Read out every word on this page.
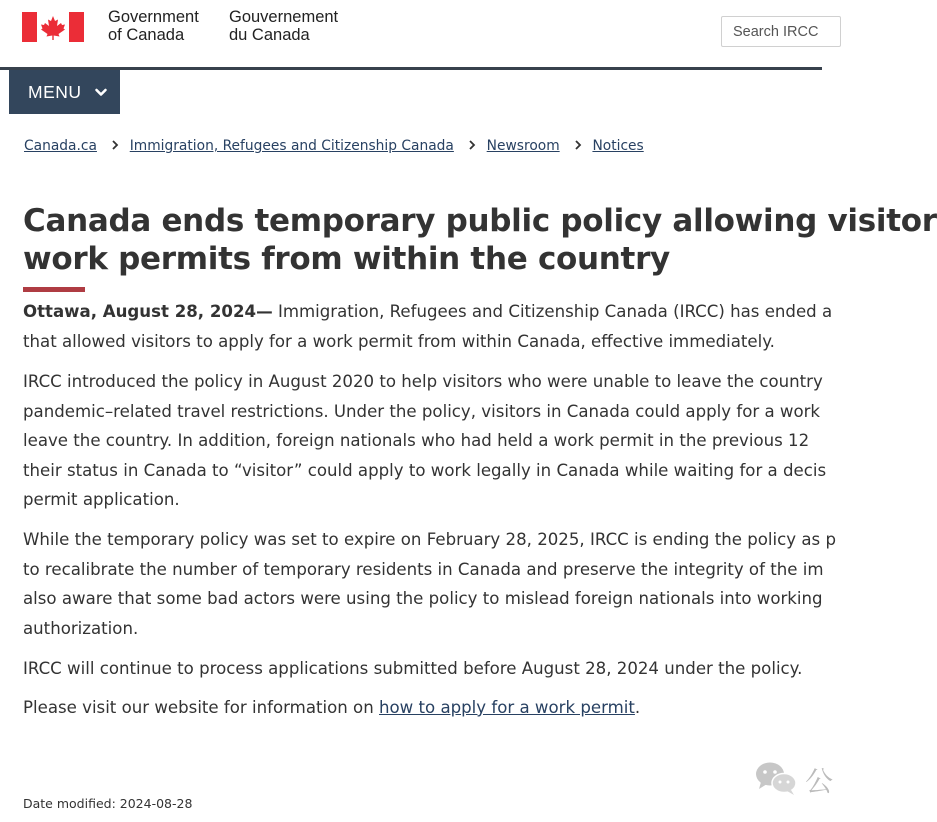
Government
of Canada
Gouvernement
du Canada	Search IRCC
MENU
Canada.ca Immigration, Refugees and Citizenship Canada Newsroom Notices
Canada ends temporary public policy allowing visitor
work permits from within the country

Ottawa, August 28, 2024— Immigration, Refugees and Citizenship Canada (IRCC) has ended a
that allowed visitors to apply for a work permit from within Canada, effective immediately.

IRCC introduced the policy in August 2020 to help visitors who were unable to leave the country
pandemic–related travel restrictions. Under the policy, visitors in Canada could apply for a work
leave the country. In addition, foreign nationals who had held a work permit in the previous 12
their status in Canada to “visitor” could apply to work legally in Canada while waiting for a decis
permit application.

While the temporary policy was set to expire on February 28, 2025, IRCC is ending the policy as p
to recalibrate the number of temporary residents in Canada and preserve the integrity of the im
also aware that some bad actors were using the policy to mislead foreign nationals into working
authorization.

IRCC will continue to process applications submitted before August 28, 2024 under the policy.

Please visit our website for information on how to apply for a work permit.

公
Date modified: 2024-08-28
